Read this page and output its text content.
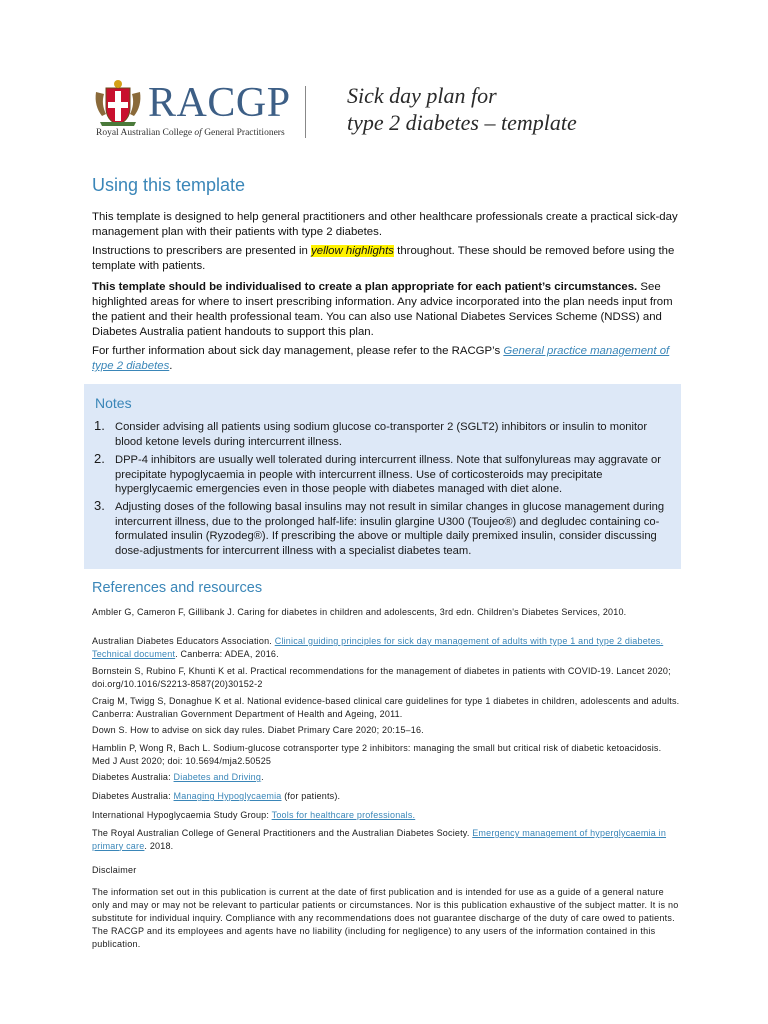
RACGP
Royal Australian College of General Practitioners
Sick day plan for
type 2 diabetes – template
Using this template
This template is designed to help general practitioners and other healthcare professionals create a practical sick-day management plan with their patients with type 2 diabetes.
Instructions to prescribers are presented in yellow highlights throughout. These should be removed before using the template with patients.
This template should be individualised to create a plan appropriate for each patient’s circumstances. See highlighted areas for where to insert prescribing information. Any advice incorporated into the plan needs input from the patient and their health professional team. You can also use National Diabetes Services Scheme (NDSS) and Diabetes Australia patient handouts to support this plan.
For further information about sick day management, please refer to the RACGP’s General practice management of type 2 diabetes.
Notes
1. Consider advising all patients using sodium glucose co-transporter 2 (SGLT2) inhibitors or insulin to monitor blood ketone levels during intercurrent illness.
2. DPP-4 inhibitors are usually well tolerated during intercurrent illness. Note that sulfonylureas may aggravate or precipitate hypoglycaemia in people with intercurrent illness. Use of corticosteroids may precipitate hyperglycaemic emergencies even in those people with diabetes managed with diet alone.
3. Adjusting doses of the following basal insulins may not result in similar changes in glucose management during intercurrent illness, due to the prolonged half-life: insulin glargine U300 (Toujeo®) and degludec containing co-formulated insulin (Ryzodeg®). If prescribing the above or multiple daily premixed insulin, consider discussing dose-adjustments for intercurrent illness with a specialist diabetes team.
References and resources
Ambler G, Cameron F, Gillibank J. Caring for diabetes in children and adolescents, 3rd edn. Children's Diabetes Services, 2010.
Australian Diabetes Educators Association. Clinical guiding principles for sick day management of adults with type 1 and type 2 diabetes. Technical document. Canberra: ADEA, 2016.
Bornstein S, Rubino F, Khunti K et al. Practical recommendations for the management of diabetes in patients with COVID-19. Lancet 2020; doi.org/10.1016/S2213-8587(20)30152-2
Craig M, Twigg S, Donaghue K et al. National evidence-based clinical care guidelines for type 1 diabetes in children, adolescents and adults. Canberra: Australian Government Department of Health and Ageing, 2011.
Down S. How to advise on sick day rules. Diabet Primary Care 2020; 20:15–16.
Hamblin P, Wong R, Bach L. Sodium-glucose cotransporter type 2 inhibitors: managing the small but critical risk of diabetic ketoacidosis. Med J Aust 2020; doi: 10.5694/mja2.50525
Diabetes Australia: Diabetes and Driving.
Diabetes Australia: Managing Hypoglycaemia (for patients).
International Hypoglycaemia Study Group: Tools for healthcare professionals.
The Royal Australian College of General Practitioners and the Australian Diabetes Society. Emergency management of hyperglycaemia in primary care. 2018.
Disclaimer
The information set out in this publication is current at the date of first publication and is intended for use as a guide of a general nature only and may or may not be relevant to particular patients or circumstances. Nor is this publication exhaustive of the subject matter. It is no substitute for individual inquiry. Compliance with any recommendations does not guarantee discharge of the duty of care owed to patients. The RACGP and its employees and agents have no liability (including for negligence) to any users of the information contained in this publication.
